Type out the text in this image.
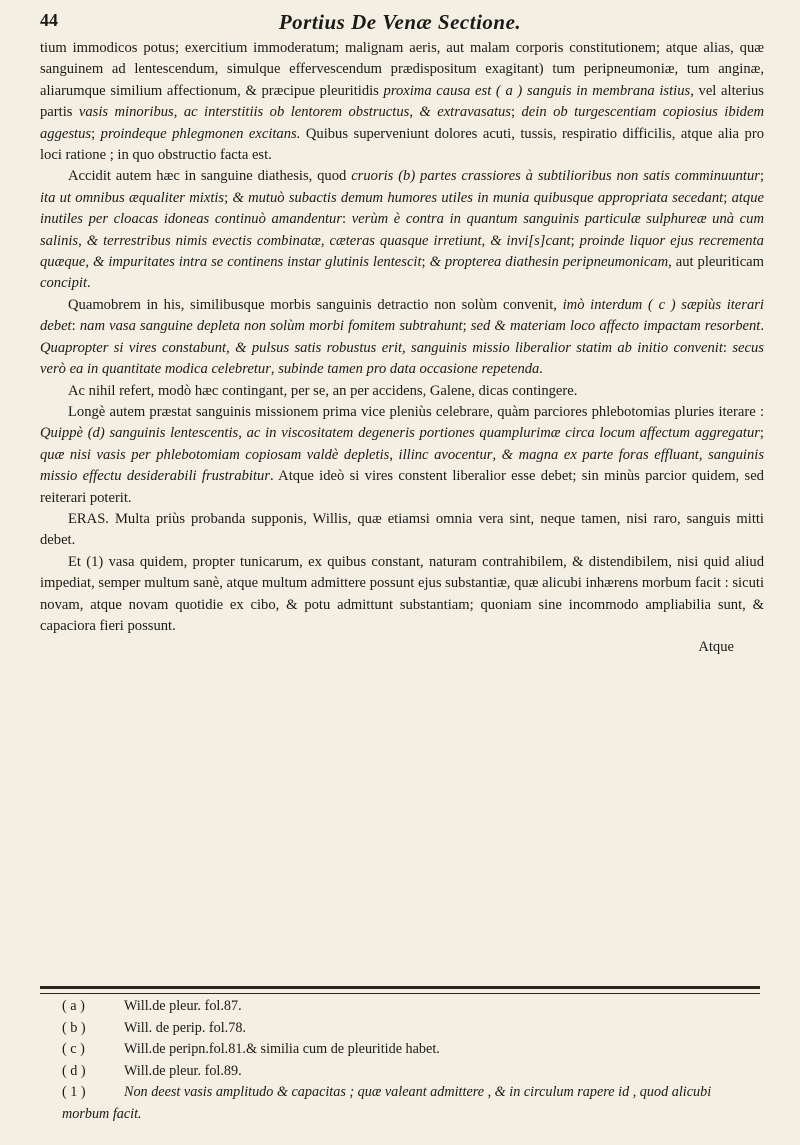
44	Portius De Venæ Sectione.

tium immodicos potus; exercitium immoderatum; malignam aeris, aut malam corporis constitutionem; atque alias, quæ sanguinem ad lentescendum, simulque effervescendum prædispositum exagitant) tum peripneumoniæ, tum anginæ, aliarumque similium affectionum, & præcipue pleuritidis proxima causa est ( a ) sanguis in membrana istius, vel alterius partis vasis minoribus, ac interstitiis ob lentorem obstructus, & extravasatus; dein ob turgescentiam copiosius ibidem aggestus; proindeque phlegmonen excitans. Quibus superveniunt dolores acuti, tussis, respiratio difficilis, atque alia pro loci ratione ; in quo obstructio facta est.

Accidit autem hæc in sanguine diathesis, quod cruoris (b) partes crassiores à subtilioribus non satis comminuuntur; ita ut omnibus æqualiter mixtis; & mutuò subactis demum humores utiles in munia quibusque appropriata secedant; atque inutiles per cloacas idoneas continuò amandentur: verùm è contra in quantum sanguinis particulæ sulphureæ unà cum salinis, & terrestribus nimis evectis combinatæ, cæteras quasque irretiunt, & invi[s]cant; proinde liquor ejus recrementa quæque, & impuritates intra se continens instar glutinis lentescit; & propterea diathesin peripneumonicam, aut pleuriticam concipit.

Quamobrem in his, similibusque morbis sanguinis detractio non solùm convenit, imò interdum ( c ) sæpiùs iterari debet: nam vasa sanguine depleta non solùm morbi fomitem subtrahunt; sed & materiam loco affecto impactam resorbent. Quapropter si vires constabunt, & pulsus satis robustus erit, sanguinis missio liberalior statim ab initio convenit: secus verò ea in quantitate modica celebretur, subinde tamen pro data occasione repetenda.

Ac nihil refert, modò hæc contingant, per se, an per accidens, Galene, dicas contingere.

Longè autem præstat sanguinis missionem prima vice pleniùs celebrare, quàm parciores phlebotomias pluries iterare : Quippè (d) sanguinis lentescentis, ac in viscositatem degeneris portiones quamplurimæ circa locum affectum aggregatur; quæ nisi vasis per phlebotomiam copiosam valdè depletis, illinc avocentur, & magna ex parte foras effluant, sanguinis missio effectu desiderabili frustrabitur. Atque ideò si vires constent liberalior esse debet; sin minùs parcior quidem, sed reiterari poterit.

ERAS. Multa priùs probanda supponis, Willis, quæ etiamsi omnia vera sint, neque tamen, nisi raro, sanguis mitti debet.

Et (1) vasa quidem, propter tunicarum, ex quibus constant, naturam contrahibilem, & distendibilem, nisi quid aliud impediat, semper multum sanè, atque multum admittere possunt ejus substantiæ, quæ alicubi inhærens morbum facit : sicuti novam, atque novam quotidie ex cibo, & potu admittunt substantiam; quoniam sine incommodo ampliabilia sunt, & capaciora fieri possunt.

Atque

( a )	Will.de pleur. fol.87.

( b )	Will. de perip. fol.78.

( c )	Will.de peripn.fol.81.& similia cum de pleuritide habet.

( d )	Will.de pleur. fol.89.

( 1 )	Non deest vasis amplitudo & capacitas ; quæ valeant admittere , & in circulum rapere id , quod alicubi morbum facit.
